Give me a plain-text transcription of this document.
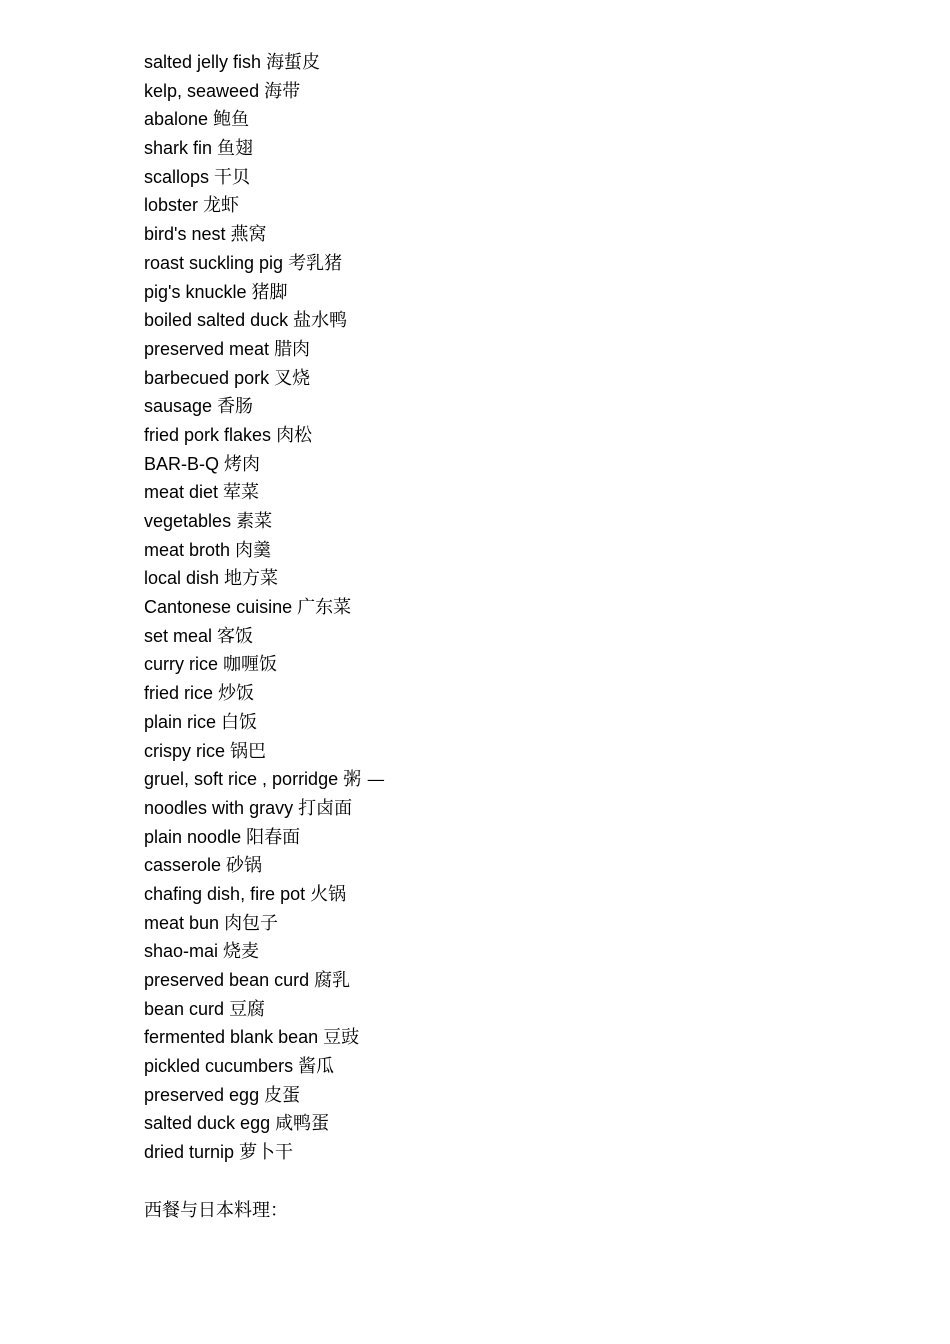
salted jelly fish 海蜇皮
kelp, seaweed 海带
abalone 鲍鱼
shark fin 鱼翅
scallops 干贝
lobster 龙虾
bird's nest 燕窝
roast suckling pig 考乳猪
pig's knuckle 猪脚
boiled salted duck 盐水鸭
preserved meat 腊肉
barbecued pork 叉烧
sausage 香肠
fried pork flakes 肉松
BAR-B-Q 烤肉
meat diet 荤菜
vegetables 素菜
meat broth 肉羹
local dish 地方菜
Cantonese cuisine 广东菜
set meal 客饭
curry rice 咖喱饭
fried rice 炒饭
plain rice 白饭
crispy rice 锅巴
gruel, soft rice , porridge 粥 —
noodles with gravy 打卤面
plain noodle 阳春面
casserole 砂锅
chafing dish, fire pot 火锅
meat bun 肉包子
shao-mai 烧麦
preserved bean curd 腐乳
bean curd 豆腐
fermented blank bean 豆豉
pickled cucumbers 酱瓜
preserved egg 皮蛋
salted duck egg 咸鸭蛋
dried turnip 萝卜干
西餐与日本料理：
